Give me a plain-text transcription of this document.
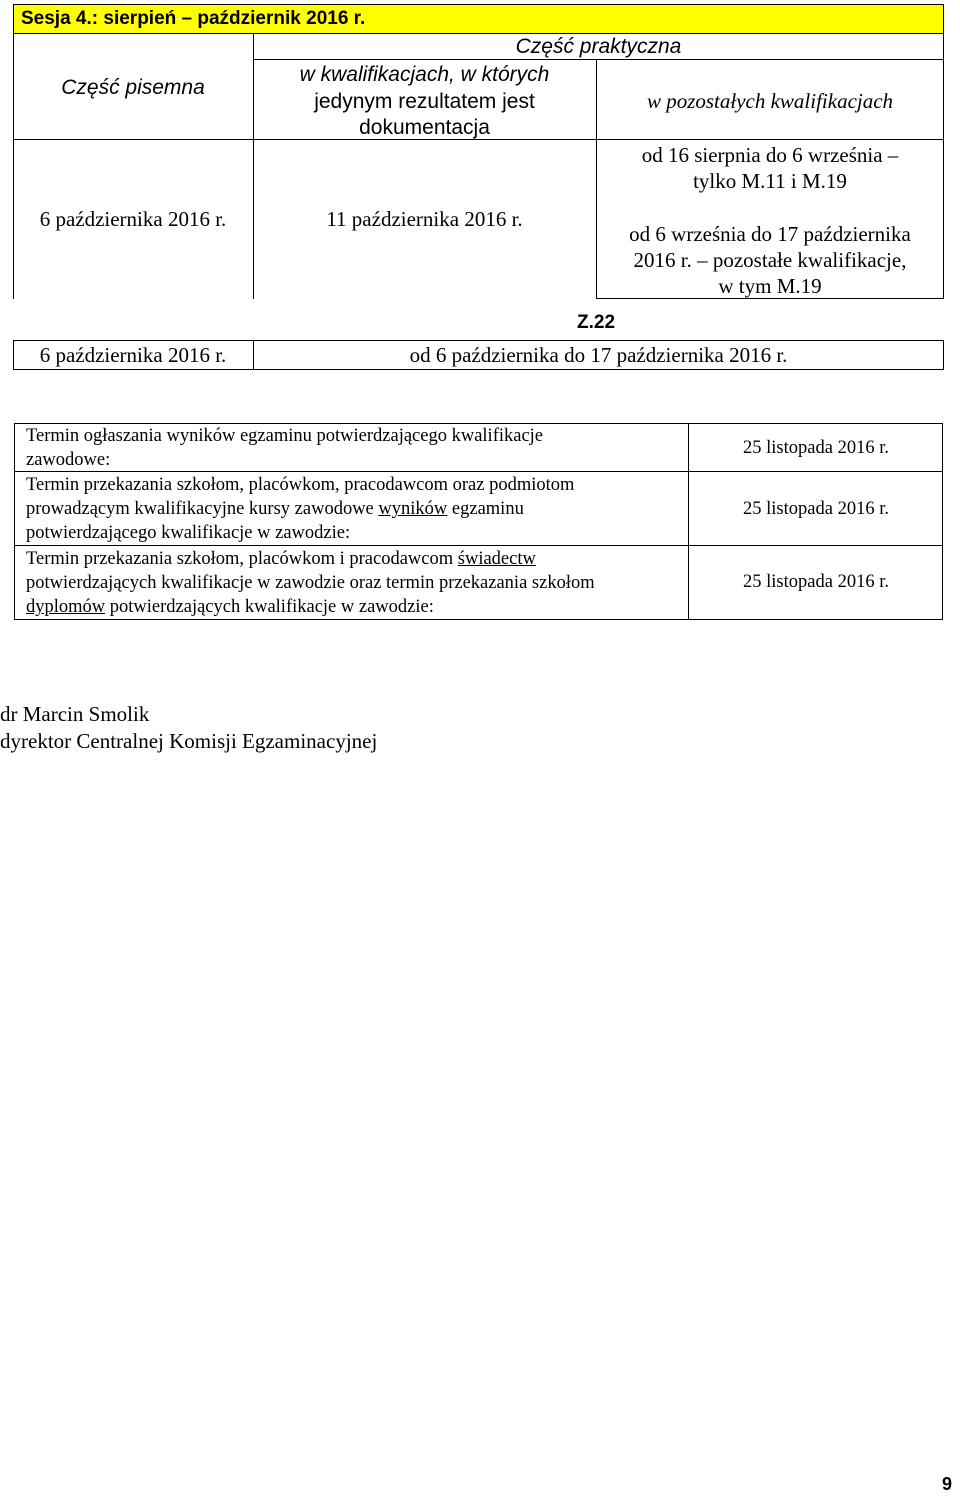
Sesja 4.: sierpień – październik 2016 r.
Część pisemna
Część praktyczna
w kwalifikacjach, w których
jedynym rezultatem jest
dokumentacja
w pozostałych kwalifikacjach
6 października 2016 r.	11 października 2016 r.
od 16 sierpnia do 6 września –
tylko M.11 i M.19
od 6 września do 17 października
2016 r. – pozostałe kwalifikacje,
w tym M.19
Z.22
6 października 2016 r.	od 6 października do 17 października 2016 r.
Termin ogłaszania wyników egzaminu potwierdzającego kwalifikacje
zawodowe:
25 listopada 2016 r.
Termin przekazania szkołom, placówkom, pracodawcom oraz podmiotom
prowadzącym kwalifikacyjne kursy zawodowe wyników egzaminu
potwierdzającego kwalifikacje w zawodzie:
25 listopada 2016 r.
Termin przekazania szkołom, placówkom i pracodawcom świadectw
potwierdzających kwalifikacje w zawodzie oraz termin przekazania szkołom
dyplomów potwierdzających kwalifikacje w zawodzie:
25 listopada 2016 r.
dr Marcin Smolik
dyrektor Centralnej Komisji Egzaminacyjnej
9
